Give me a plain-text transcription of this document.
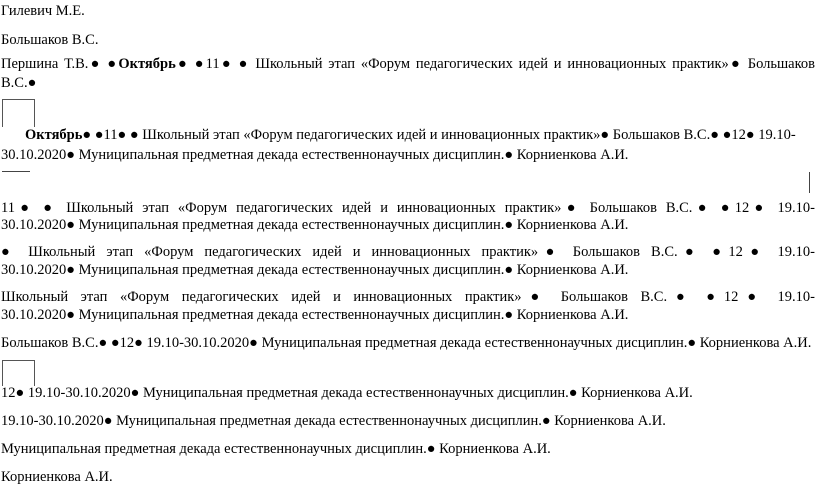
Гилевич М.Е.
Большаков В.С.
Першина Т.В.● ●Октябрь● ●11● ● Школьный этап «Форум педагогических идей и инновационных практик»● Большаков
В.С.●
Октябрь● ●11● ● Школьный этап «Форум педагогических идей и инновационных практик»● Большаков В.С.● ●12● 19.10-
30.10.2020● Муниципальная предметная декада естественнонаучных дисциплин.● Корниенкова А.И.
11● ● Школьный этап «Форум педагогических идей и инновационных практик»● Большаков В.С.● ●12● 19.10-
30.10.2020● Муниципальная предметная декада естественнонаучных дисциплин.● Корниенкова А.И.
● Школьный этап «Форум педагогических идей и инновационных практик»● Большаков В.С.● ●12● 19.10-
30.10.2020● Муниципальная предметная декада естественнонаучных дисциплин.● Корниенкова А.И.
Школьный этап «Форум педагогических идей и инновационных практик»● Большаков В.С.● ●12● 19.10-
30.10.2020● Муниципальная предметная декада естественнонаучных дисциплин.● Корниенкова А.И.
Большаков В.С.● ●12● 19.10-30.10.2020● Муниципальная предметная декада естественнонаучных дисциплин.● Корниенкова А.И.
12● 19.10-30.10.2020● Муниципальная предметная декада естественнонаучных дисциплин.● Корниенкова А.И.
19.10-30.10.2020● Муниципальная предметная декада естественнонаучных дисциплин.● Корниенкова А.И.
Муниципальная предметная декада естественнонаучных дисциплин.● Корниенкова А.И.
Корниенкова А.И.
